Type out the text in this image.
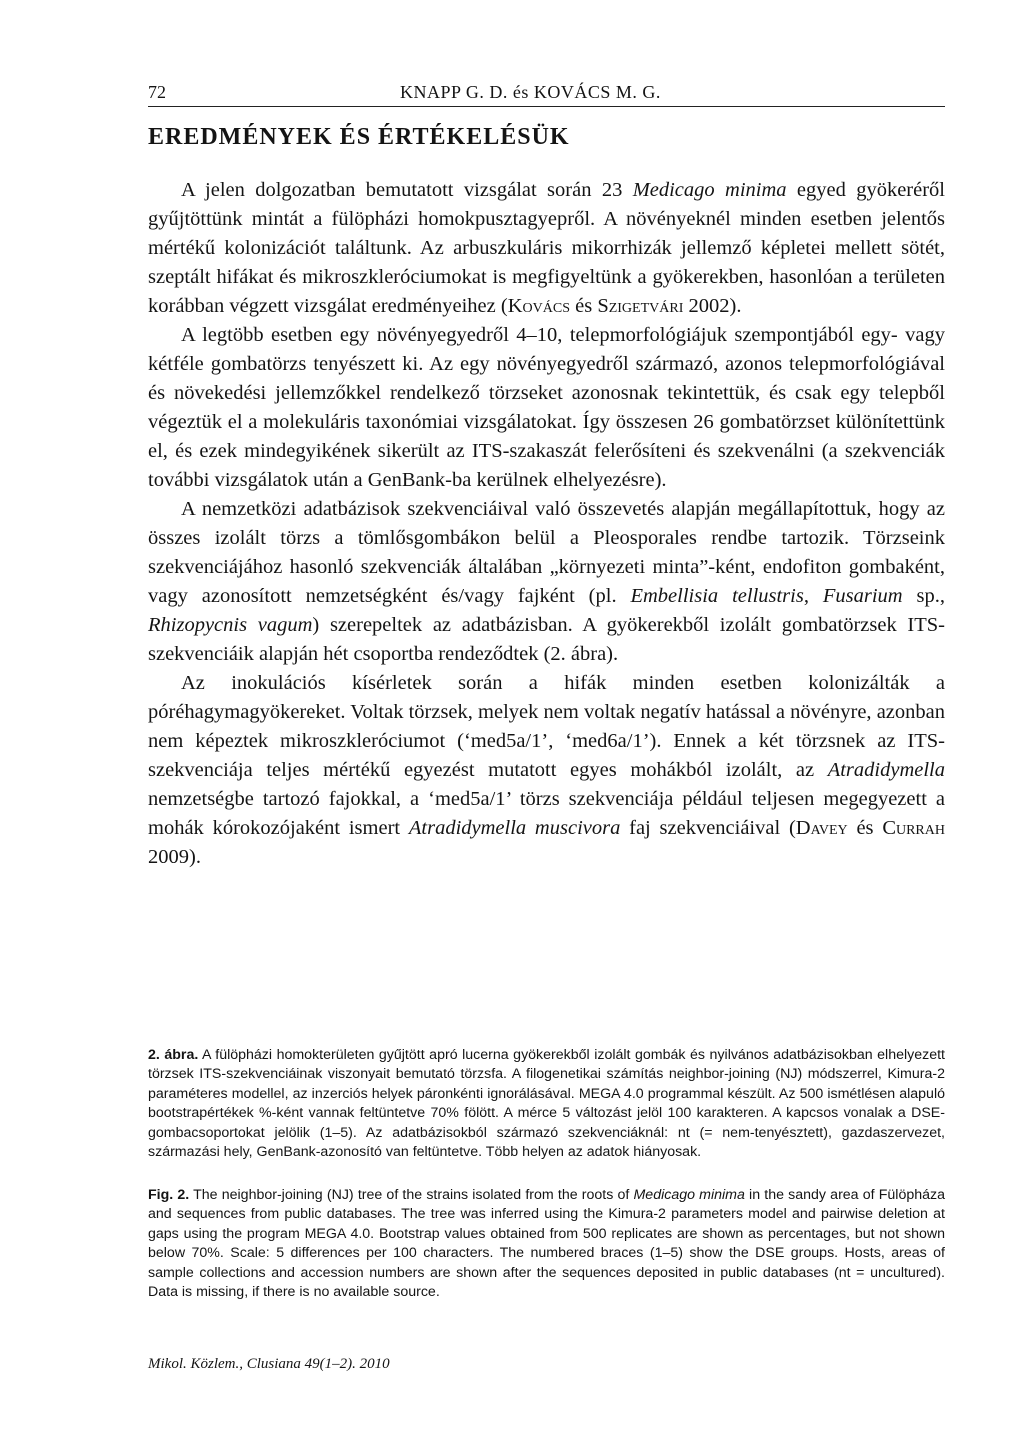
72	KNAPP G. D. és KOVÁCS M. G.
EREDMÉNYEK ÉS ÉRTÉKELÉSÜK

A jelen dolgozatban bemutatott vizsgálat során 23 Medicago minima egyed gyökeréről gyűjtöttünk mintát a fülöpházi homokpusztagyepről. A növényeknél minden esetben jelentős mértékű kolonizációt találtunk. Az arbuszkuláris mikorrhizák jellemző képletei mellett sötét, szeptált hifákat és mikroszkleróciumokat is megfigyeltünk a gyökerekben, hasonlóan a területen korábban végzett vizsgálat eredményeihez (Kovács és Szigetvári 2002).

A legtöbb esetben egy növényegyedről 4–10, telepmorfológiájuk szempontjából egy- vagy kétféle gombatörzs tenyészett ki. Az egy növényegyedről származó, azonos telepmorfológiával és növekedési jellemzőkkel rendelkező törzseket azonosnak tekintettük, és csak egy telepből végeztük el a molekuláris taxonómiai vizsgálatokat. Így összesen 26 gombatörzset különítettünk el, és ezek mindegyikének sikerült az ITS-szakaszát felerősíteni és szekvenálni (a szekvenciák további vizsgálatok után a GenBank-ba kerülnek elhelyezésre).

A nemzetközi adatbázisok szekvenciáival való összevetés alapján megállapítottuk, hogy az összes izolált törzs a tömlősgombákon belül a Pleosporales rendbe tartozik. Törzseink szekvenciájához hasonló szekvenciák általában „környezeti minta”-ként, endofiton gombaként, vagy azonosított nemzetségként és/vagy fajként (pl. Embellisia tellustris, Fusarium sp., Rhizopycnis vagum) szerepeltek az adatbázisban. A gyökerekből izolált gombatörzsek ITS-szekvenciáik alapján hét csoportba rendeződtek (2. ábra).

Az inokulációs kísérletek során a hifák minden esetben kolonizálták a póréhagymagyökereket. Voltak törzsek, melyek nem voltak negatív hatással a növényre, azonban nem képeztek mikroszkleróciumot (‘med5a/1’, ‘med6a/1’). Ennek a két törzsnek az ITS-szekvenciája teljes mértékű egyezést mutatott egyes mohákból izolált, az Atradidymella nemzetségbe tartozó fajokkal, a ‘med5a/1’ törzs szekvenciája például teljesen megegyezett a mohák kórokozójaként ismert Atradidymella muscivora faj szekvenciáival (Davey és Currah 2009).

2. ábra. A fülöpházi homokterületen gyűjtött apró lucerna gyökerekből izolált gombák és nyilvános adatbázisokban elhelyezett törzsek ITS-szekvenciáinak viszonyait bemutató törzsfa. A filogenetikai számítás neighbor-joining (NJ) módszerrel, Kimura-2 paraméteres modellel, az inzerciós helyek páronkénti ignorálásával. MEGA 4.0 programmal készült. Az 500 ismétlésen alapuló bootstrapértékek %-ként vannak feltüntetve 70% fölött. A mérce 5 változást jelöl 100 karakteren. A kapcsos vonalak a DSE-gombacsoportokat jelölik (1–5). Az adatbázisokból származó szekvenciáknál: nt (= nem-tenyésztett), gazdaszervezet, származási hely, GenBank-azonosító van feltüntetve. Több helyen az adatok hiányosak.

Fig. 2. The neighbor-joining (NJ) tree of the strains isolated from the roots of Medicago minima in the sandy area of Fülöpháza and sequences from public databases. The tree was inferred using the Kimura-2 parameters model and pairwise deletion at gaps using the program MEGA 4.0. Bootstrap values obtained from 500 replicates are shown as percentages, but not shown below 70%. Scale: 5 differences per 100 characters. The numbered braces (1–5) show the DSE groups. Hosts, areas of sample collections and accession numbers are shown after the sequences deposited in public databases (nt = uncultured). Data is missing, if there is no available source.

Mikol. Közlem., Clusiana 49(1–2). 2010
